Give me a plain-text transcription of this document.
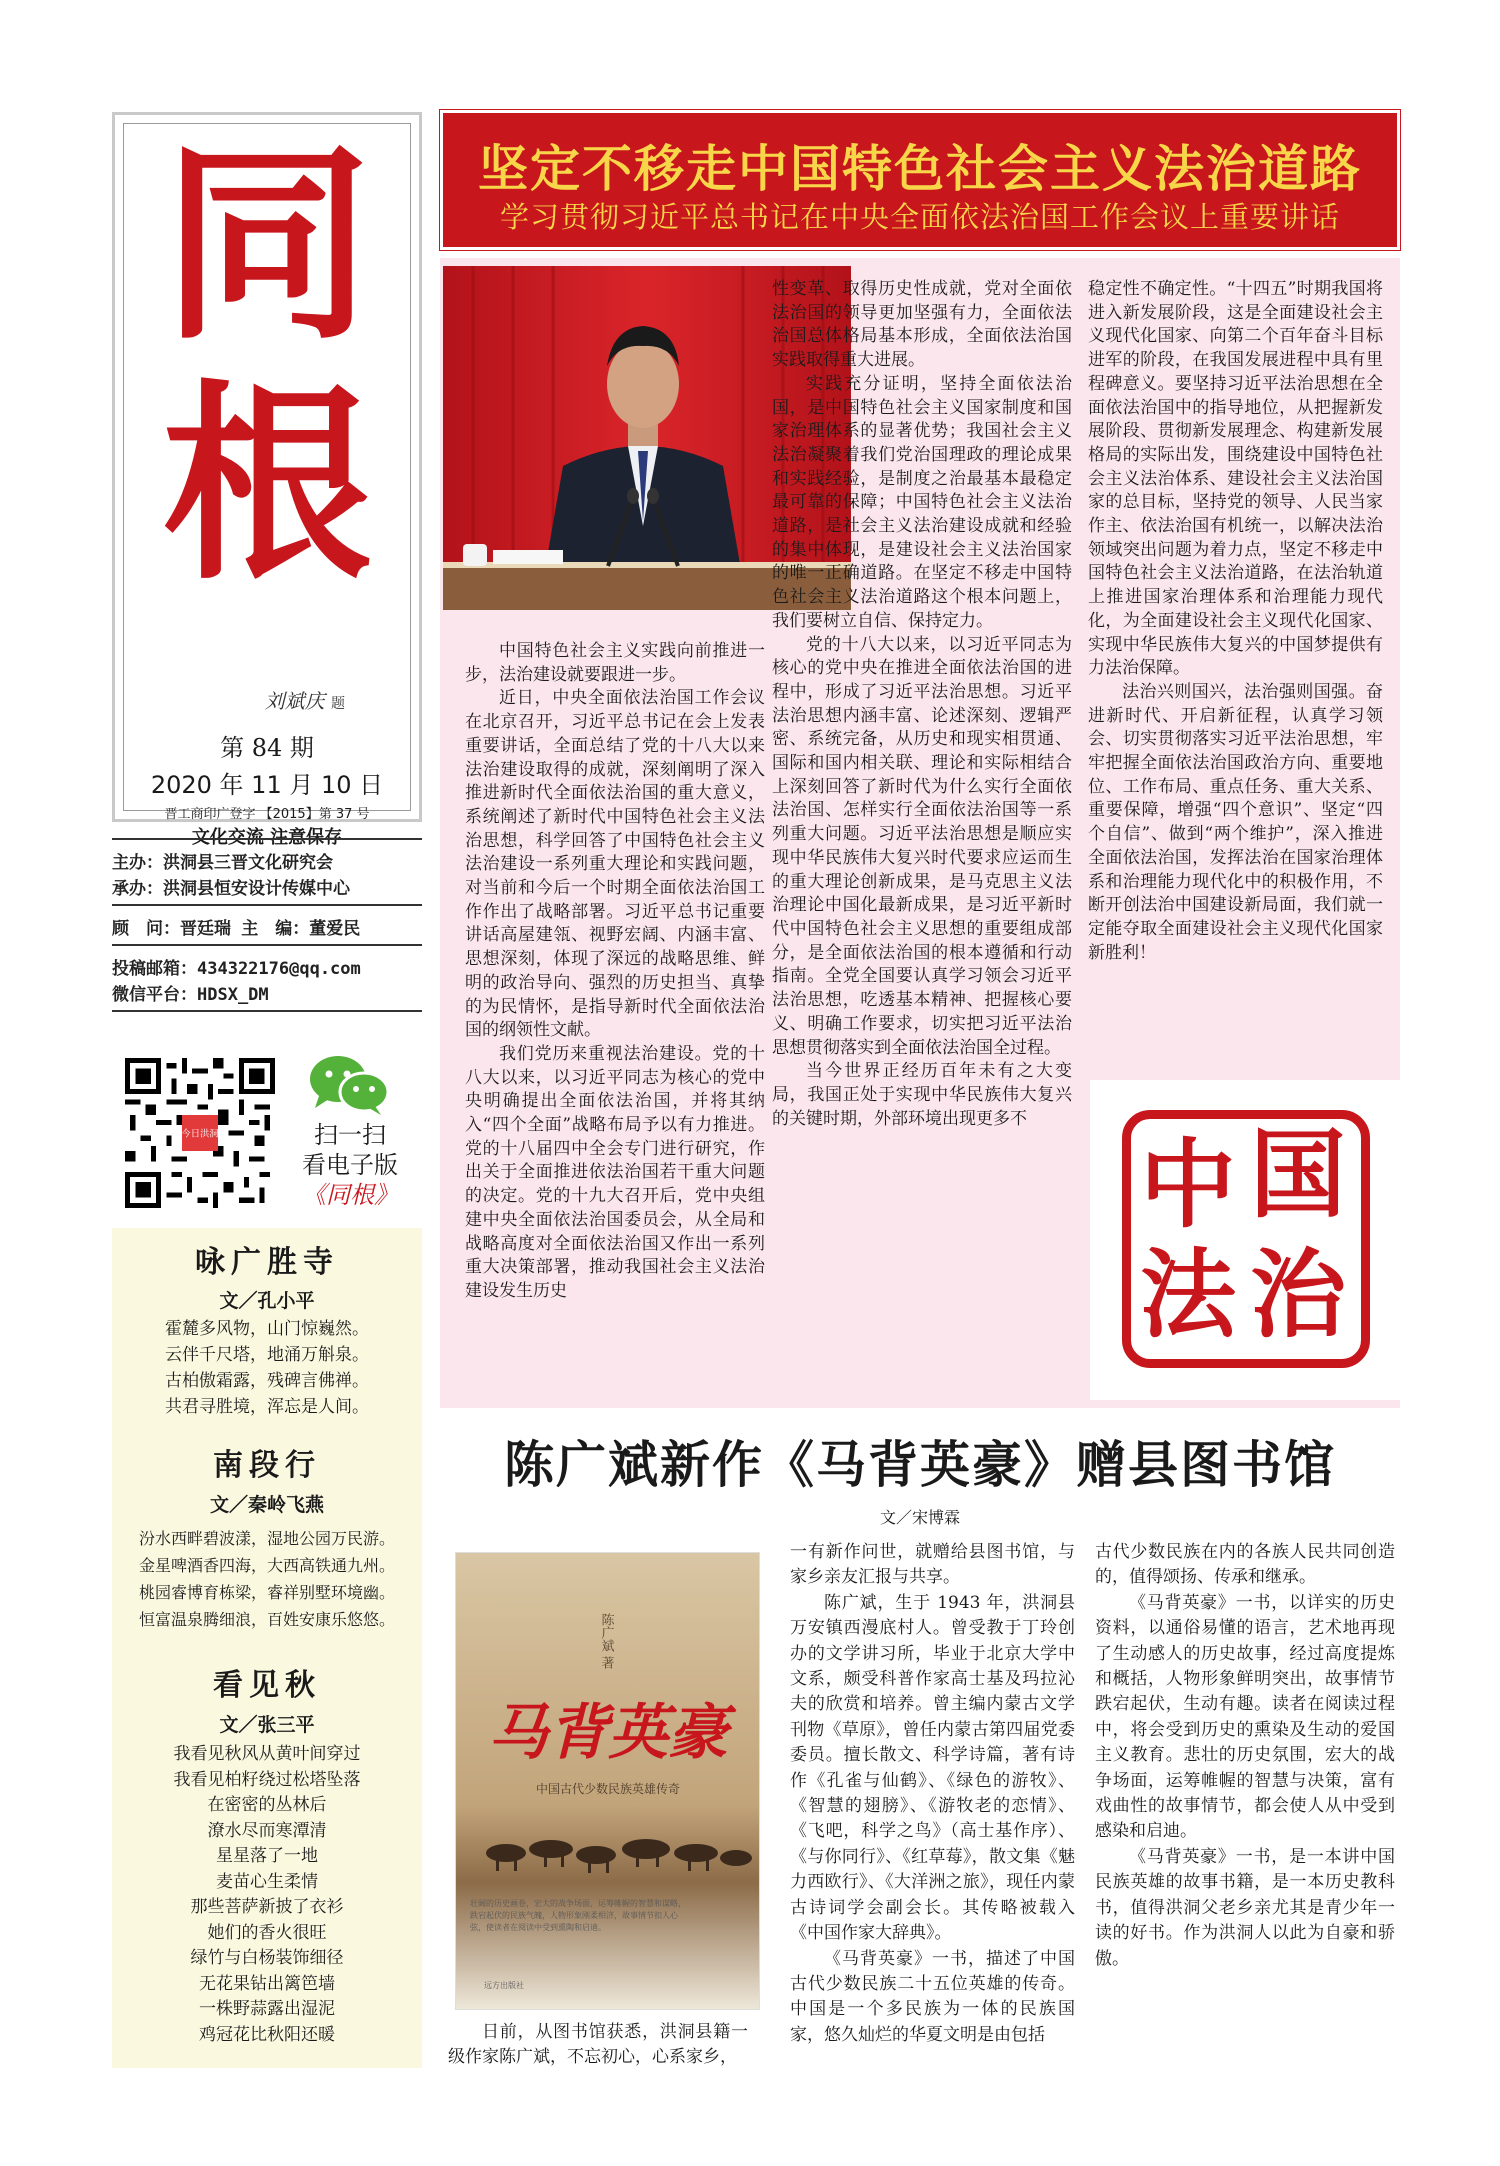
同根
刘斌庆 题
第 84 期
2020 年 11 月 10 日
晋工商印广登字 【2015】第 37 号
文化交流 注意保存
主办：洪洞县三晋文化研究会
承办：洪洞县恒安设计传媒中心
顾　问：晋廷瑞 主　编：董爱民
投稿邮箱：434322176@qq.com
微信平台：HDSX_DM
今日洪洞	扫一扫
看电子版
《同根》
咏广胜寺
文／孔小平
霍麓多风物，山门惊巍然。
云伴千尺塔，地涌万斛泉。
古柏傲霜露，残碑言佛禅。
共君寻胜境，浑忘是人间。
南段行
文／秦岭飞燕
汾水西畔碧波漾，湿地公园万民游。
金星啤酒香四海，大西高铁通九州。
桃园睿博育栋梁，睿祥别墅环境幽。
恒富温泉腾细浪，百姓安康乐悠悠。
看见秋
文／张三平
我看见秋风从黄叶间穿过
我看见柏籽绕过松塔坠落
在密密的丛林后
潦水尽而寒潭清
星星落了一地
麦苗心生柔情
那些菩萨新披了衣衫
她们的香火很旺
绿竹与白杨装饰细径
无花果钻出篱笆墙
一株野蒜露出湿泥
鸡冠花比秋阳还暖
坚定不移走中国特色社会主义法治道路
学习贯彻习近平总书记在中央全面依法治国工作会议上重要讲话

中国特色社会主义实践向前推进一步，法治建设就要跟进一步。

近日，中央全面依法治国工作会议在北京召开，习近平总书记在会上发表重要讲话，全面总结了党的十八大以来法治建设取得的成就，深刻阐明了深入推进新时代全面依法治国的重大意义，系统阐述了新时代中国特色社会主义法治思想，科学回答了中国特色社会主义法治建设一系列重大理论和实践问题，对当前和今后一个时期全面依法治国工作作出了战略部署。习近平总书记重要讲话高屋建瓴、视野宏阔、内涵丰富、思想深刻，体现了深远的战略思维、鲜明的政治导向、强烈的历史担当、真挚的为民情怀，是指导新时代全面依法治国的纲领性文献。

我们党历来重视法治建设。党的十八大以来，以习近平同志为核心的党中央明确提出全面依法治国，并将其纳入“四个全面”战略布局予以有力推进。党的十八届四中全会专门进行研究，作出关于全面推进依法治国若干重大问题的决定。党的十九大召开后，党中央组建中央全面依法治国委员会，从全局和战略高度对全面依法治国又作出一系列重大决策部署，推动我国社会主义法治建设发生历史

性变革、取得历史性成就，党对全面依法治国的领导更加坚强有力，全面依法治国总体格局基本形成，全面依法治国实践取得重大进展。

实践充分证明，坚持全面依法治国，是中国特色社会主义国家制度和国家治理体系的显著优势；我国社会主义法治凝聚着我们党治国理政的理论成果和实践经验，是制度之治最基本最稳定最可靠的保障；中国特色社会主义法治道路，是社会主义法治建设成就和经验的集中体现，是建设社会主义法治国家的唯一正确道路。在坚定不移走中国特色社会主义法治道路这个根本问题上，我们要树立自信、保持定力。

党的十八大以来，以习近平同志为核心的党中央在推进全面依法治国的进程中，形成了习近平法治思想。习近平法治思想内涵丰富、论述深刻、逻辑严密、系统完备，从历史和现实相贯通、国际和国内相关联、理论和实际相结合上深刻回答了新时代为什么实行全面依法治国、怎样实行全面依法治国等一系列重大问题。习近平法治思想是顺应实现中华民族伟大复兴时代要求应运而生的重大理论创新成果，是马克思主义法治理论中国化最新成果，是习近平新时代中国特色社会主义思想的重要组成部分，是全面依法治国的根本遵循和行动指南。全党全国要认真学习领会习近平法治思想，吃透基本精神、把握核心要义、明确工作要求，切实把习近平法治思想贯彻落实到全面依法治国全过程。

当今世界正经历百年未有之大变局，我国正处于实现中华民族伟大复兴的关键时期，外部环境出现更多不

稳定性不确定性。“十四五”时期我国将进入新发展阶段，这是全面建设社会主义现代化国家、向第二个百年奋斗目标进军的阶段，在我国发展进程中具有里程碑意义。要坚持习近平法治思想在全面依法治国中的指导地位，从把握新发展阶段、贯彻新发展理念、构建新发展格局的实际出发，围绕建设中国特色社会主义法治体系、建设社会主义法治国家的总目标，坚持党的领导、人民当家作主、依法治国有机统一，以解决法治领域突出问题为着力点，坚定不移走中国特色社会主义法治道路，在法治轨道上推进国家治理体系和治理能力现代化，为全面建设社会主义现代化国家、实现中华民族伟大复兴的中国梦提供有力法治保障。

法治兴则国兴，法治强则国强。奋进新时代、开启新征程，认真学习领会、切实贯彻落实习近平法治思想，牢牢把握全面依法治国政治方向、重要地位、工作布局、重点任务、重大关系、重要保障，增强“四个意识”、坚定“四个自信”、做到“两个维护”，深入推进全面依法治国，发挥法治在国家治理体系和治理能力现代化中的积极作用，不断开创法治中国建设新局面，我们就一定能夺取全面建设社会主义现代化国家新胜利！

中 国
法 治
陈广斌新作《马背英豪》赠县图书馆
文／宋博霖
陈广斌 著
马背英豪
中国古代少数民族英雄传奇
壮阔的历史画卷，宏大的战争场面，运筹帷幄的智慧和谋略，跌宕起伏的民族气魄，人物形象刚柔相济，故事情节扣人心弦，使读者在阅读中受到熏陶和启迪。
远方出版社

日前，从图书馆获悉，洪洞县籍一级作家陈广斌，不忘初心，心系家乡，

一有新作问世，就赠给县图书馆，与家乡亲友汇报与共享。

陈广斌，生于 1943 年，洪洞县万安镇西漫底村人。曾受教于丁玲创办的文学讲习所，毕业于北京大学中文系，颇受科普作家高士基及玛拉沁夫的欣赏和培养。曾主编内蒙古文学刊物《草原》，曾任内蒙古第四届党委委员。擅长散文、科学诗篇，著有诗作《孔雀与仙鹤》、《绿色的游牧》、《智慧的翅膀》、《游牧老的恋情》、《飞吧，科学之鸟》（高士基作序）、《与你同行》、《红草莓》，散文集《魅力西欧行》、《大洋洲之旅》，现任内蒙古诗词学会副会长。其传略被载入《中国作家大辞典》。

《马背英豪》一书，描述了中国古代少数民族二十五位英雄的传奇。中国是一个多民族为一体的民族国家，悠久灿烂的华夏文明是由包括

古代少数民族在内的各族人民共同创造的，值得颂扬、传承和继承。

《马背英豪》一书，以详实的历史资料，以通俗易懂的语言，艺术地再现了生动感人的历史故事，经过高度提炼和概括，人物形象鲜明突出，故事情节跌宕起伏，生动有趣。读者在阅读过程中，将会受到历史的熏染及生动的爱国主义教育。悲壮的历史氛围，宏大的战争场面，运筹帷幄的智慧与决策，富有戏曲性的故事情节，都会使人从中受到感染和启迪。

《马背英豪》一书，是一本讲中国民族英雄的故事书籍，是一本历史教科书，值得洪洞父老乡亲尤其是青少年一读的好书。作为洪洞人以此为自豪和骄傲。
